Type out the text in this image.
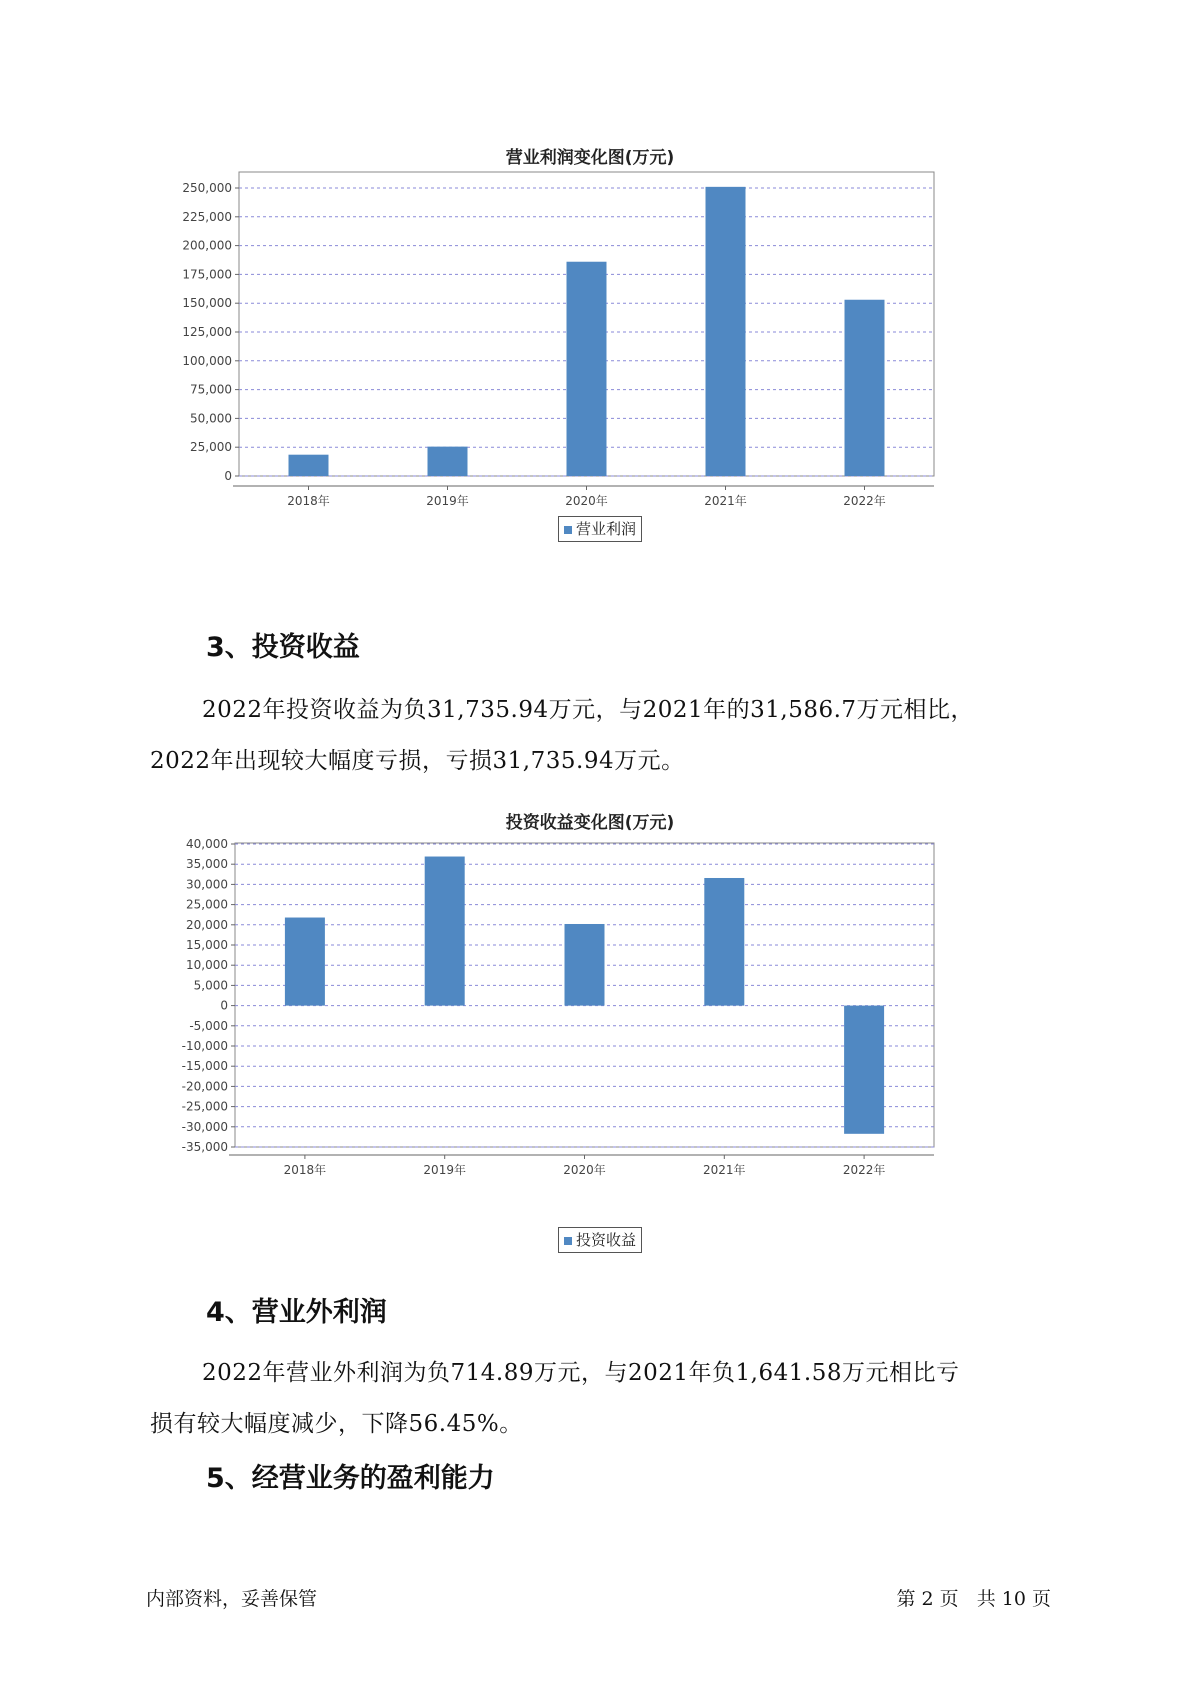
营业利润变化图(万元)
0
25,000
50,000
75,000
100,000
125,000
150,000
175,000
200,000
225,000
250,000
2018年	2019年	2020年	2021年	2022年
营业利润
3、投资收益
2022年投资收益为负31,735.94万元，与2021年的31,586.7万元相比，
2022年出现较大幅度亏损，亏损31,735.94万元。
投资收益变化图(万元)
-35,000
-30,000
-25,000
-20,000
-15,000
-10,000
-5,000
0
5,000
10,000
15,000
20,000
25,000
30,000
35,000
40,000
2018年	2019年	2020年	2021年	2022年
投资收益
4、营业外利润
2022年营业外利润为负714.89万元，与2021年负1,641.58万元相比亏
损有较大幅度减少，下降56.45%。
5、经营业务的盈利能力
内部资料，妥善保管	第 2 页   共 10 页
